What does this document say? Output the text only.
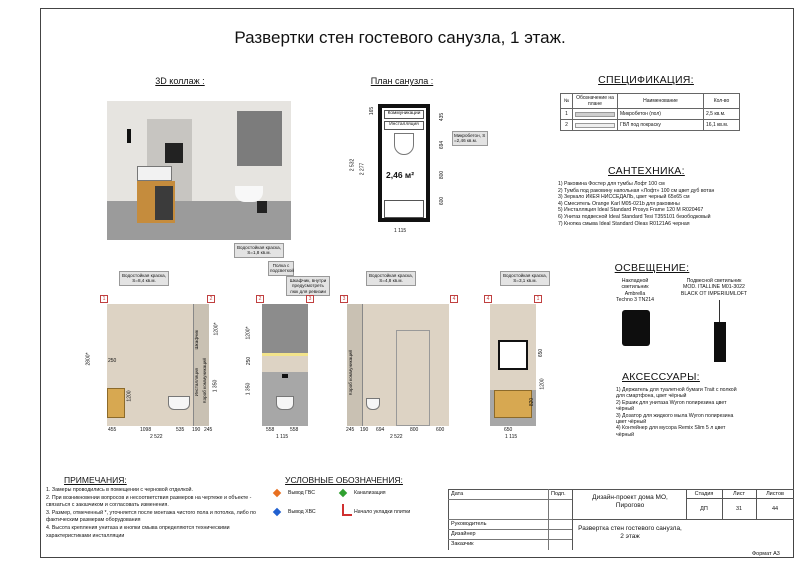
Развертки стен гостевого санузла, 1 этаж.
3D коллаж :	План санузла :
Коммуникации
Инсталляция
2,46 м²
Микробетон, S =2,46 кв.м.
165
435
2 532 2 277
694
800
600
1 115
СПЕЦИФИКАЦИЯ:
№	Обозначение на плане	Наименование	Кол-во
1		Микробетон (пол)	2,5 кв.м.
2		ГВЛ под покраску	16,1 кв.м.
САНТЕХНИКА:
1) Раковина Фостер для тумбы Лофт 100 см
2) Тумба под раковину напольная «Лофт» 100 см цвет дуб вотан
3) Зеркало ИКЕЯ НИССЕДАЛЬ, цвет черный 65х65 см
4) Смеситель Orange Karl M05-021b для раковины
5) Инсталляция Ideal Standard Prosys Frame 120 M R020467
6) Унитаз подвесной Ideal Standard Tesi T355101 безободковый
7) Кнопка смыва Ideal Standard Oleas R0121A6 черная
ОСВЕЩЕНИЕ:
Накладной
светильник
Ambrella
Techno 3 TN214
Подвесной светильник
MOD. ITALLINE M01-3022
BLACK OT IMPERIUMLOFT
АКСЕССУАРЫ:
1) Держатель для туалетной бумаги Trait с полкой для смартфона, цвет чёрный
2) Ершик для унитаза Wyron полирезина цвет чёрный
3) Дозатор для жидкого мыла Wyron полирезина цвет чёрный
4) Контейнер для мусора Remix Slim 5 л цвет чёрный
Водостойкая краска, S=8,4 кв.м.
1	2
Шкафчик
Инсталляция Короб коммуникаций
2800*	250
1200
1200*
1 350
455	1098	535 190 245
2 522
Водостойкая краска, S=1,8 кв.м.
Полка с подсветкой
Шкафчик, внутри предусмотреть люк для ревизии
2	3
1200*
250
1 350
558	558
1 115
Водостойкая краска, S=4,8 кв.м.
3	4
Короб коммуникаций
245 190 694	800	600
2 522
Водостойкая краска, S=3,1 кв.м.
4	1
650
1200
820
650
1 115
ПРИМЕЧАНИЯ:
1. Замеры проводились в помещении с черновой отделкой.
2. При возникновении вопросов и несоответствия размеров на чертеже и объекте - связаться с заказчиком и согласовать изменения.
3. Размер, отмеченный *, уточняется после монтажа чистого пола и потолка, либо по фактическим размерам оборудования
4. Высота крепления унитаза и кнопки смыва определяются техническими характеристиками инсталляции
УСЛОВНЫЕ ОБОЗНАЧЕНИЯ:
Вывод ГВС
Вывод ХВС
Канализация
Начало укладки плитки
Дата	Подп.
Руководитель
Дизайнер
Заказчик
Дизайн-проект дома МО, Пирогово
Развертка стен гостевого санузла, 2 этаж
Стадия	Лист	Листов
ДП	31	44
Формат А3
